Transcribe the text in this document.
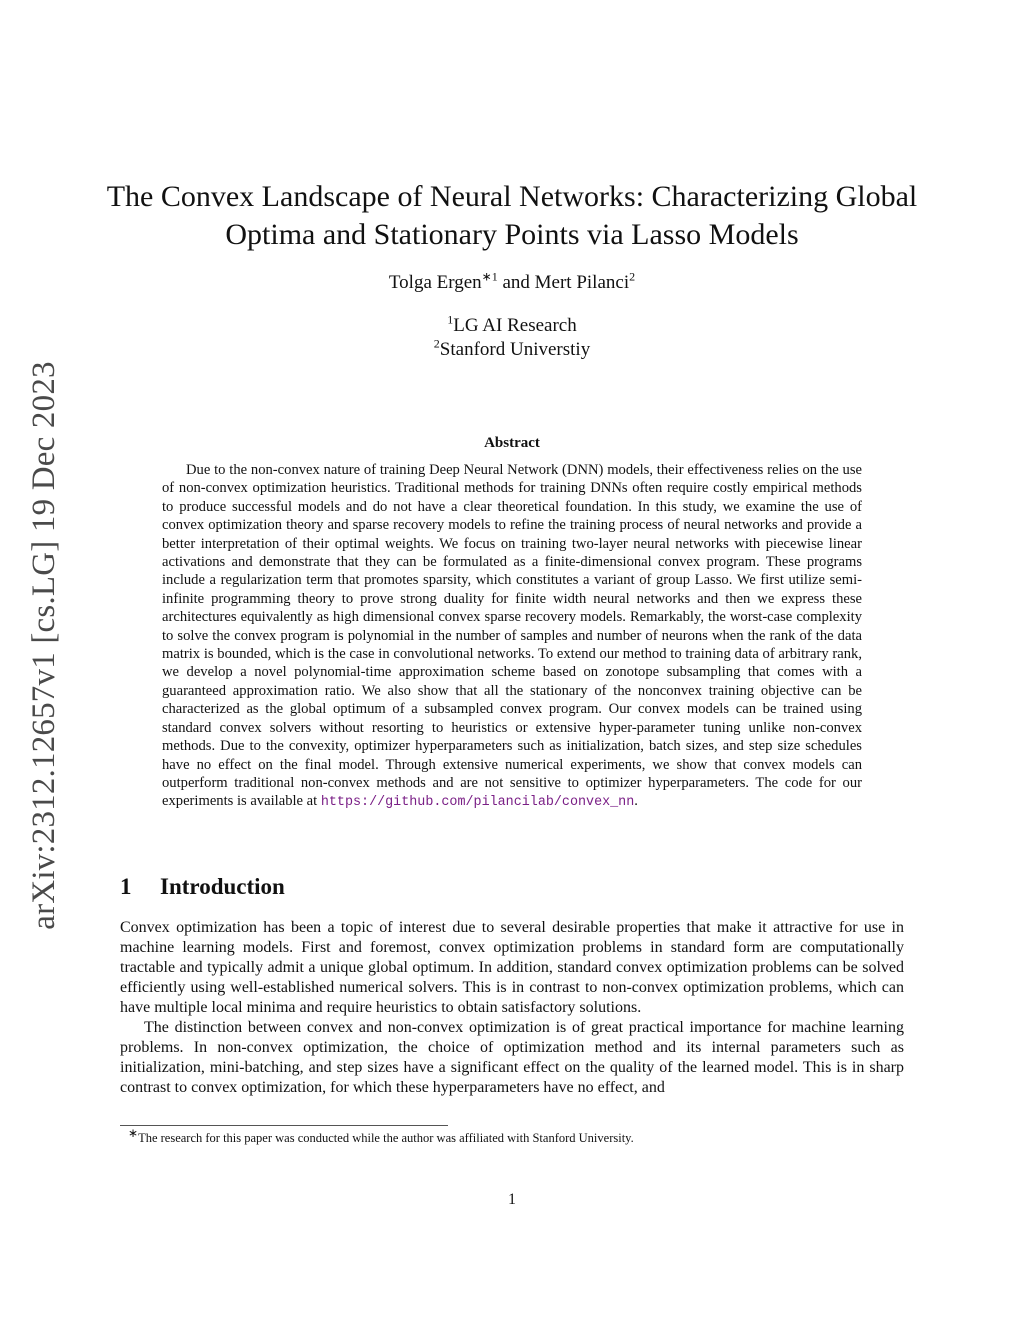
arXiv:2312.12657v1 [cs.LG] 19 Dec 2023
The Convex Landscape of Neural Networks: Characterizing Global
Optima and Stationary Points via Lasso Models
Tolga Ergen$^{∗1}$ and Mert Pilanci$^2$
$^1$LG AI Research
$^2$Stanford Universtiy
Abstract
Due to the non-convex nature of training Deep Neural Network (DNN) models, their effectiveness relies on the use of non-convex optimization heuristics. Traditional methods for training DNNs often require costly empirical methods to produce successful models and do not have a clear theoretical foundation. In this study, we examine the use of convex optimization theory and sparse recovery models to refine the training process of neural networks and provide a better interpretation of their optimal weights. We focus on training two-layer neural networks with piecewise linear activations and demonstrate that they can be formulated as a finite-dimensional convex program. These programs include a regularization term that promotes sparsity, which constitutes a variant of group Lasso. We first utilize semi-infinite programming theory to prove strong duality for finite width neural networks and then we express these architectures equivalently as high dimensional convex sparse recovery models. Remarkably, the worst-case complexity to solve the convex program is polynomial in the number of samples and number of neurons when the rank of the data matrix is bounded, which is the case in convolutional networks. To extend our method to training data of arbitrary rank, we develop a novel polynomial-time approximation scheme based on zonotope subsampling that comes with a guaranteed approximation ratio. We also show that all the stationary of the nonconvex training objective can be characterized as the global optimum of a subsampled convex program. Our convex models can be trained using standard convex solvers without resorting to heuristics or extensive hyper-parameter tuning unlike non-convex methods. Due to the convexity, optimizer hyperparameters such as initialization, batch sizes, and step size schedules have no effect on the final model. Through extensive numerical experiments, we show that convex models can outperform traditional non-convex methods and are not sensitive to optimizer hyperparameters. The code for our experiments is available at https://github.com/pilancilab/convex_nn.
1 Introduction

Convex optimization has been a topic of interest due to several desirable properties that make it attractive for use in machine learning models. First and foremost, convex optimization problems in standard form are computationally tractable and typically admit a unique global optimum. In addition, standard convex optimization problems can be solved efficiently using well-established numerical solvers. This is in contrast to non-convex optimization problems, which can have multiple local minima and require heuristics to obtain satisfactory solutions.

The distinction between convex and non-convex optimization is of great practical importance for machine learning problems. In non-convex optimization, the choice of optimization method and its internal parameters such as initialization, mini-batching, and step sizes have a significant effect on the quality of the learned model. This is in sharp contrast to convex optimization, for which these hyperparameters have no effect, and

∗The research for this paper was conducted while the author was affiliated with Stanford University.
1
